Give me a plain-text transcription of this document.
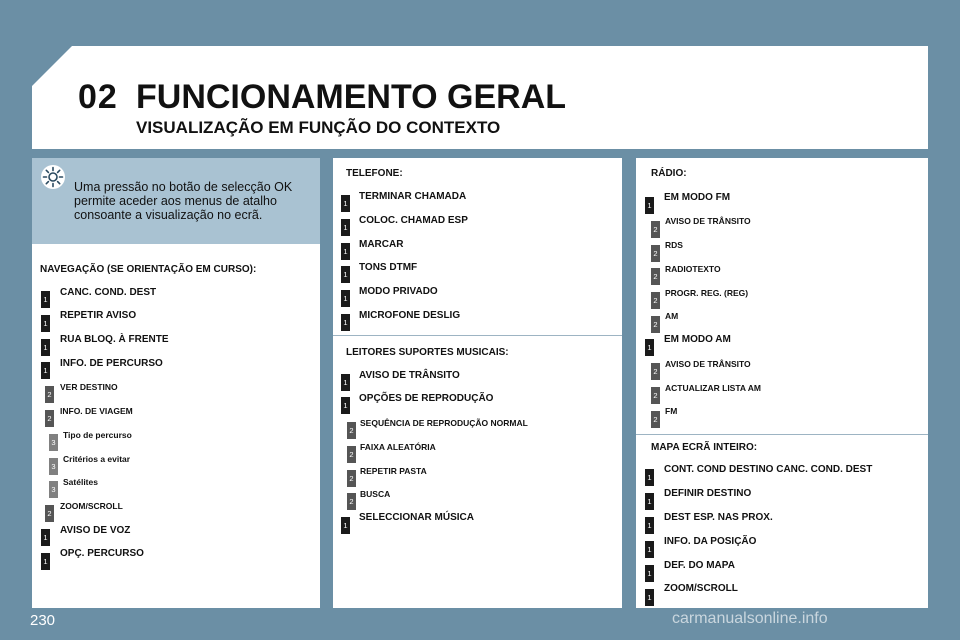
02 FUNCIONAMENTO GERAL
VISUALIZAÇÃO EM FUNÇÃO DO CONTEXTO
Uma pressão no botão de selecção OK permite aceder aos menus de atalho consoante a visualização no ecrã.
NAVEGAÇÃO (SE ORIENTAÇÃO EM CURSO):
1
CANC. COND. DEST
1
REPETIR AVISO
1
RUA BLOQ. À FRENTE
1
INFO. DE PERCURSO
2
VER DESTINO
2
INFO. DE VIAGEM
3
Tipo de percurso
3
Critérios a evitar
3
Satélites
2
ZOOM/SCROLL
1
AVISO DE VOZ
1
OPÇ. PERCURSO
TELEFONE:
1
TERMINAR CHAMADA
1
COLOC. CHAMAD ESP
1
MARCAR
1
TONS DTMF
1
MODO PRIVADO
1
MICROFONE DESLIG
LEITORES SUPORTES MUSICAIS:
1
AVISO DE TRÂNSITO
1
OPÇÕES DE REPRODUÇÃO
2
SEQUÊNCIA DE REPRODUÇÃO NORMAL
2
FAIXA ALEATÓRIA
2
REPETIR PASTA
2
BUSCA
1
SELECCIONAR MÚSICA
RÁDIO:
1
EM MODO FM
2
AVISO DE TRÂNSITO
2
RDS
2
RADIOTEXTO
2
PROGR. REG. (REG)
2
AM
1
EM MODO AM
2
AVISO DE TRÂNSITO
2
ACTUALIZAR LISTA AM
2
FM
MAPA ECRÃ INTEIRO:
1
CONT. COND DESTINO CANC. COND. DEST
1
DEFINIR DESTINO
1
DEST ESP. NAS PROX.
1
INFO. DA POSIÇÃO
1
DEF. DO MAPA
1
ZOOM/SCROLL
230	carmanualsonline.info
